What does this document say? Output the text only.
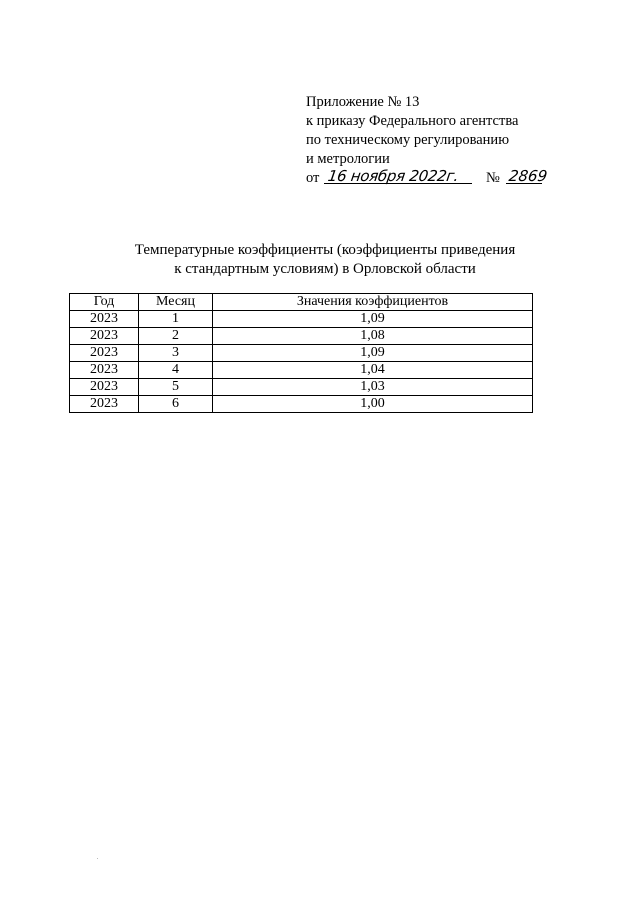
Приложение № 13
к приказу Федерального агентства
по техническому регулированию
и метрологии
от 16 ноября 2022г. № 2869
Температурные коэффициенты (коэффициенты приведения
к стандартным условиям) в Орловской области
Год	Месяц	Значения коэффициентов
2023	1	1,09
2023	2	1,08
2023	3	1,09
2023	4	1,04
2023	5	1,03
2023	6	1,00
